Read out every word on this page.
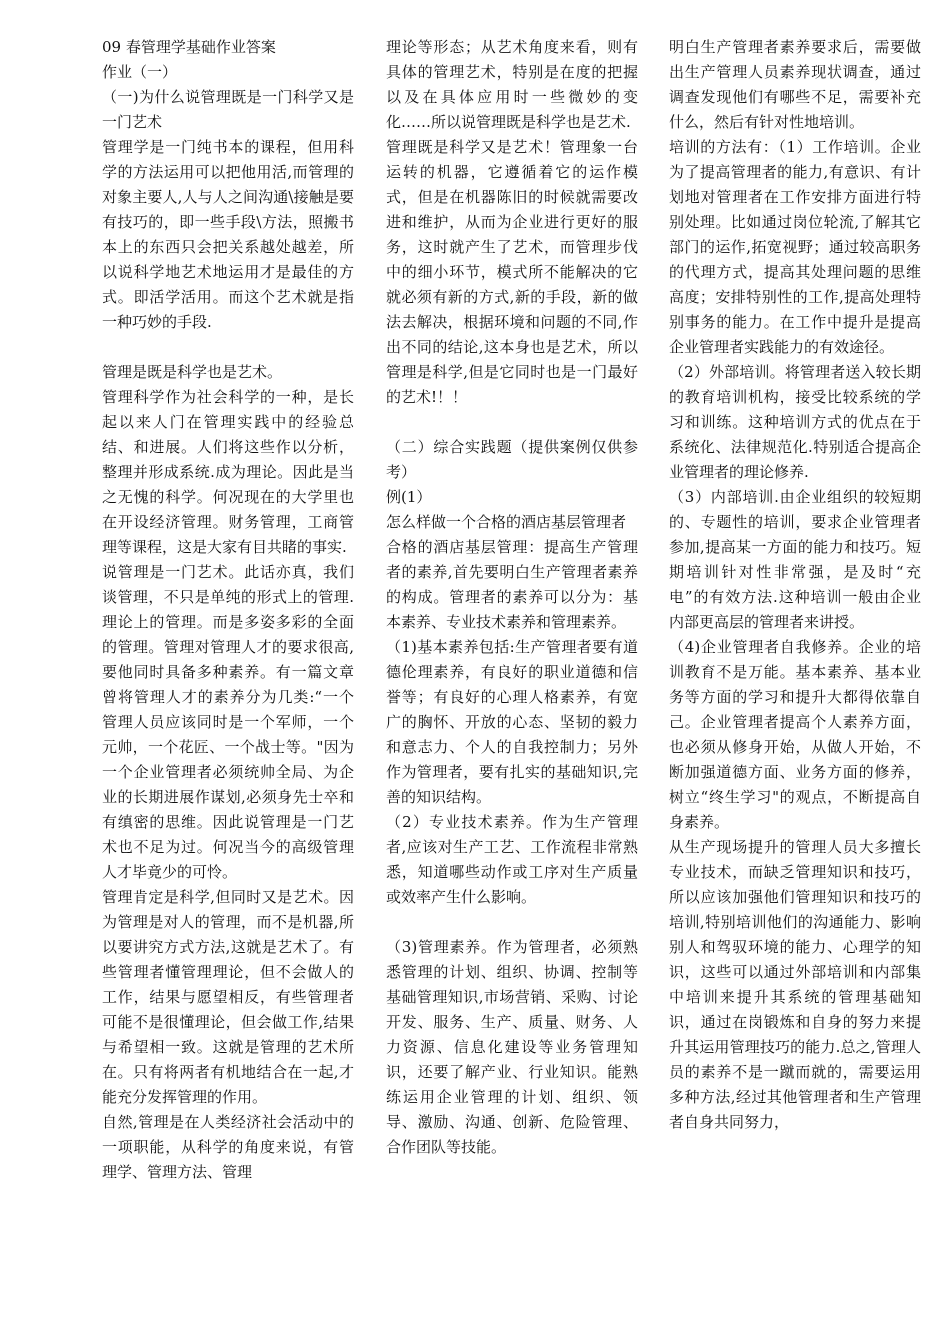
09 春管理学基础作业答案

作业（一）

（一)为什么说管理既是一门科学又是一门艺术

管理学是一门纯书本的课程，但用科学的方法运用可以把他用活,而管理的对象主要人,人与人之间沟通\接触是要有技巧的，即一些手段\方法，照搬书本上的东西只会把关系越处越差，所以说科学地艺术地运用才是最佳的方式。即活学活用。而这个艺术就是指一种巧妙的手段.

管理是既是科学也是艺术。

管理科学作为社会科学的一种，是长起以来人门在管理实践中的经验总结、和进展。人们将这些作以分析，整理并形成系统.成为理论。因此是当之无愧的科学。何况现在的大学里也在开设经济管理。财务管理，工商管理等课程，这是大家有目共睹的事实.

说管理是一门艺术。此话亦真，我们谈管理，不只是单纯的形式上的管理.理论上的管理。而是多姿多彩的全面的管理。管理对管理人才的要求很高,要他同时具备多种素养。有一篇文章曾将管理人才的素养分为几类:“一个管理人员应该同时是一个军师，一个元帅，一个花匠、一个战士等。"因为一个企业管理者必须统帅全局、为企业的长期进展作谋划,必须身先士卒和有缜密的思维。因此说管理是一门艺术也不足为过。何况当今的高级管理人才毕竟少的可怜。

管理肯定是科学,但同时又是艺术。因为管理是对人的管理，而不是机器,所以要讲究方式方法,这就是艺术了。有些管理者懂管理理论，但不会做人的工作，结果与愿望相反，有些管理者可能不是很懂理论，但会做工作,结果与希望相一致。这就是管理的艺术所在。只有将两者有机地结合在一起,才能充分发挥管理的作用。

自然,管理是在人类经济社会活动中的一项职能，从科学的角度来说，有管理学、管理方法、管理

理论等形态；从艺术角度来看，则有具体的管理艺术，特别是在度的把握以及在具体应用时一些微妙的变化……所以说管理既是科学也是艺术.

管理既是科学又是艺术！管理象一台运转的机器，它遵循着它的运作模式，但是在机器陈旧的时候就需要改进和维护，从而为企业进行更好的服务，这时就产生了艺术，而管理步伐中的细小环节，模式所不能解决的它就必须有新的方式,新的手段，新的做法去解决，根据环境和问题的不同,作出不同的结论,这本身也是艺术，所以管理是科学,但是它同时也是一门最好的艺术!！！

（二）综合实践题（提供案例仅供参考）

例(1）

怎么样做一个合格的酒店基层管理者

合格的酒店基层管理：提高生产管理者的素养,首先要明白生产管理者素养的构成。管理者的素养可以分为：基本素养、专业技术素养和管理素养。

（1)基本素养包括:生产管理者要有道德伦理素养，有良好的职业道德和信誉等；有良好的心理人格素养，有宽广的胸怀、开放的心态、坚韧的毅力和意志力、个人的自我控制力；另外作为管理者，要有扎实的基础知识,完善的知识结构。

（2）专业技术素养。作为生产管理者,应该对生产工艺、工作流程非常熟悉，知道哪些动作或工序对生产质量或效率产生什么影响。

（3)管理素养。作为管理者，必须熟悉管理的计划、组织、协调、控制等基础管理知识,市场营销、采购、讨论开发、服务、生产、质量、财务、人力资源、信息化建设等业务管理知识，还要了解产业、行业知识。能熟练运用企业管理的计划、组织、领导、激励、沟通、创新、危险管理、合作团队等技能。

明白生产管理者素养要求后，需要做出生产管理人员素养现状调查，通过调查发现他们有哪些不足，需要补充什么，然后有针对性地培训。

培训的方法有：（1）工作培训。企业为了提高管理者的能力,有意识、有计划地对管理者在工作安排方面进行特别处理。比如通过岗位轮流,了解其它部门的运作,拓宽视野；通过较高职务的代理方式，提高其处理问题的思维高度；安排特别性的工作,提高处理特别事务的能力。在工作中提升是提高企业管理者实践能力的有效途径。

（2）外部培训。将管理者送入较长期的教育培训机构，接受比较系统的学习和训练。这种培训方式的优点在于系统化、法律规范化.特别适合提高企业管理者的理论修养.

（3）内部培训.由企业组织的较短期的、专题性的培训，要求企业管理者参加,提高某一方面的能力和技巧。短期培训针对性非常强，是及时“充电”的有效方法.这种培训一般由企业内部更高层的管理者来讲授。

（4)企业管理者自我修养。企业的培训教育不是万能。基本素养、基本业务等方面的学习和提升大都得依靠自己。企业管理者提高个人素养方面，也必须从修身开始，从做人开始，不断加强道德方面、业务方面的修养，树立“终生学习"的观点，不断提高自身素养。

从生产现场提升的管理人员大多擅长专业技术，而缺乏管理知识和技巧，所以应该加强他们管理知识和技巧的培训,特别培训他们的沟通能力、影响别人和驾驭环境的能力、心理学的知识，这些可以通过外部培训和内部集中培训来提升其系统的管理基础知识，通过在岗锻炼和自身的努力来提升其运用管理技巧的能力.总之,管理人员的素养不是一蹴而就的，需要运用多种方法,经过其他管理者和生产管理者自身共同努力，
